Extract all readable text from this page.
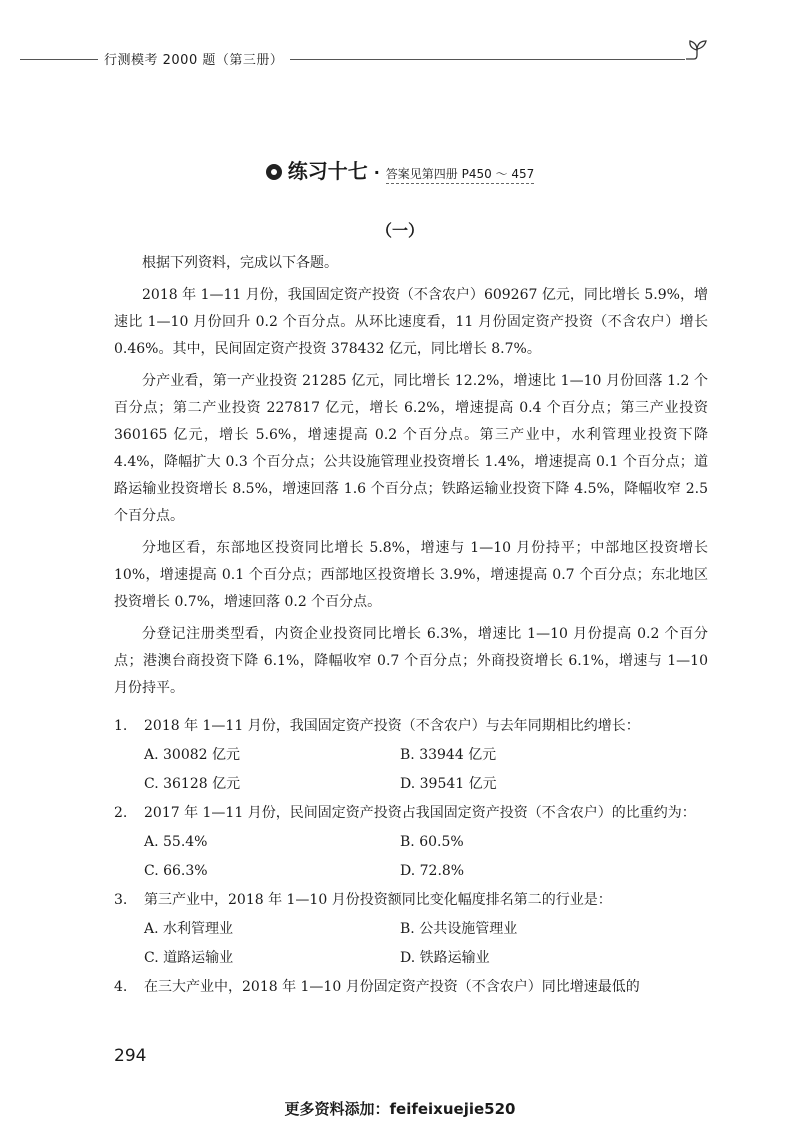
行测模考 2000 题（第三册）
练习十七 · 答案见第四册 P450 ～ 457
（一）

根据下列资料，完成以下各题。

2018 年 1—11 月份，我国固定资产投资（不含农户）609267 亿元，同比增长 5.9%，增速比 1—10 月份回升 0.2 个百分点。从环比速度看，11 月份固定资产投资（不含农户）增长 0.46%。其中，民间固定资产投资 378432 亿元，同比增长 8.7%。

分产业看，第一产业投资 21285 亿元，同比增长 12.2%，增速比 1—10 月份回落 1.2 个百分点；第二产业投资 227817 亿元，增长 6.2%，增速提高 0.4 个百分点；第三产业投资 360165 亿元，增长 5.6%，增速提高 0.2 个百分点。第三产业中，水利管理业投资下降 4.4%，降幅扩大 0.3 个百分点；公共设施管理业投资增长 1.4%，增速提高 0.1 个百分点；道路运输业投资增长 8.5%，增速回落 1.6 个百分点；铁路运输业投资下降 4.5%，降幅收窄 2.5 个百分点。

分地区看，东部地区投资同比增长 5.8%，增速与 1—10 月份持平；中部地区投资增长 10%，增速提高 0.1 个百分点；西部地区投资增长 3.9%，增速提高 0.7 个百分点；东北地区投资增长 0.7%，增速回落 0.2 个百分点。

分登记注册类型看，内资企业投资同比增长 6.3%，增速比 1—10 月份提高 0.2 个百分点；港澳台商投资下降 6.1%，降幅收窄 0.7 个百分点；外商投资增长 6.1%，增速与 1—10 月份持平。

1. 2018 年 1—11 月份，我国固定资产投资（不含农户）与去年同期相比约增长：
A. 30082 亿元	B. 33944 亿元
C. 36128 亿元	D. 39541 亿元
2. 2017 年 1—11 月份，民间固定资产投资占我国固定资产投资（不含农户）的比重约为：
A. 55.4%	B. 60.5%
C. 66.3%	D. 72.8%
3. 第三产业中，2018 年 1—10 月份投资额同比变化幅度排名第二的行业是：
A. 水利管理业	B. 公共设施管理业
C. 道路运输业	D. 铁路运输业
4. 在三大产业中，2018 年 1—10 月份固定资产投资（不含农户）同比增速最低的
294
更多资料添加：feifeixuejie520
